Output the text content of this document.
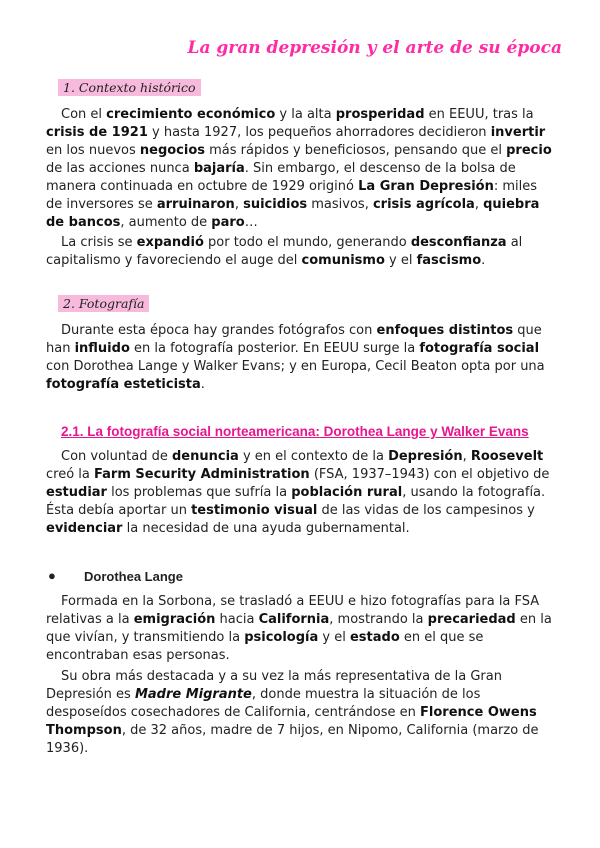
La gran depresión y el arte de su época
1. Contexto histórico

Con el crecimiento económico y la alta prosperidad en EEUU, tras la crisis de 1921 y hasta 1927, los pequeños ahorradores decidieron invertir en los nuevos negocios más rápidos y beneficiosos, pensando que el precio de las acciones nunca bajaría. Sin embargo, el descenso de la bolsa de manera continuada en octubre de 1929 originó La Gran Depresión: miles de inversores se arruinaron, suicidios masivos, crisis agrícola, quiebra de bancos, aumento de paro…

La crisis se expandió por todo el mundo, generando desconfianza al capitalismo y favoreciendo el auge del comunismo y el fascismo.

2. Fotografía

Durante esta época hay grandes fotógrafos con enfoques distintos que han influido en la fotografía posterior. En EEUU surge la fotografía social con Dorothea Lange y Walker Evans; y en Europa, Cecil Beaton opta por una fotografía esteticista.

2.1. La fotografía social norteamericana: Dorothea Lange y Walker Evans

Con voluntad de denuncia y en el contexto de la Depresión, Roosevelt creó la Farm Security Administration (FSA, 1937–1943) con el objetivo de estudiar los problemas que sufría la población rural, usando la fotografía. Ésta debía aportar un testimonio visual de las vidas de los campesinos y evidenciar la necesidad de una ayuda gubernamental.

● Dorothea Lange

Formada en la Sorbona, se trasladó a EEUU e hizo fotografías para la FSA relativas a la emigración hacia California, mostrando la precariedad en la que vivían, y transmitiendo la psicología y el estado en el que se encontraban esas personas.

Su obra más destacada y a su vez la más representativa de la Gran Depresión es Madre Migrante, donde muestra la situación de los desposeídos cosechadores de California, centrándose en Florence Owens Thompson, de 32 años, madre de 7 hijos, en Nipomo, California (marzo de 1936).
